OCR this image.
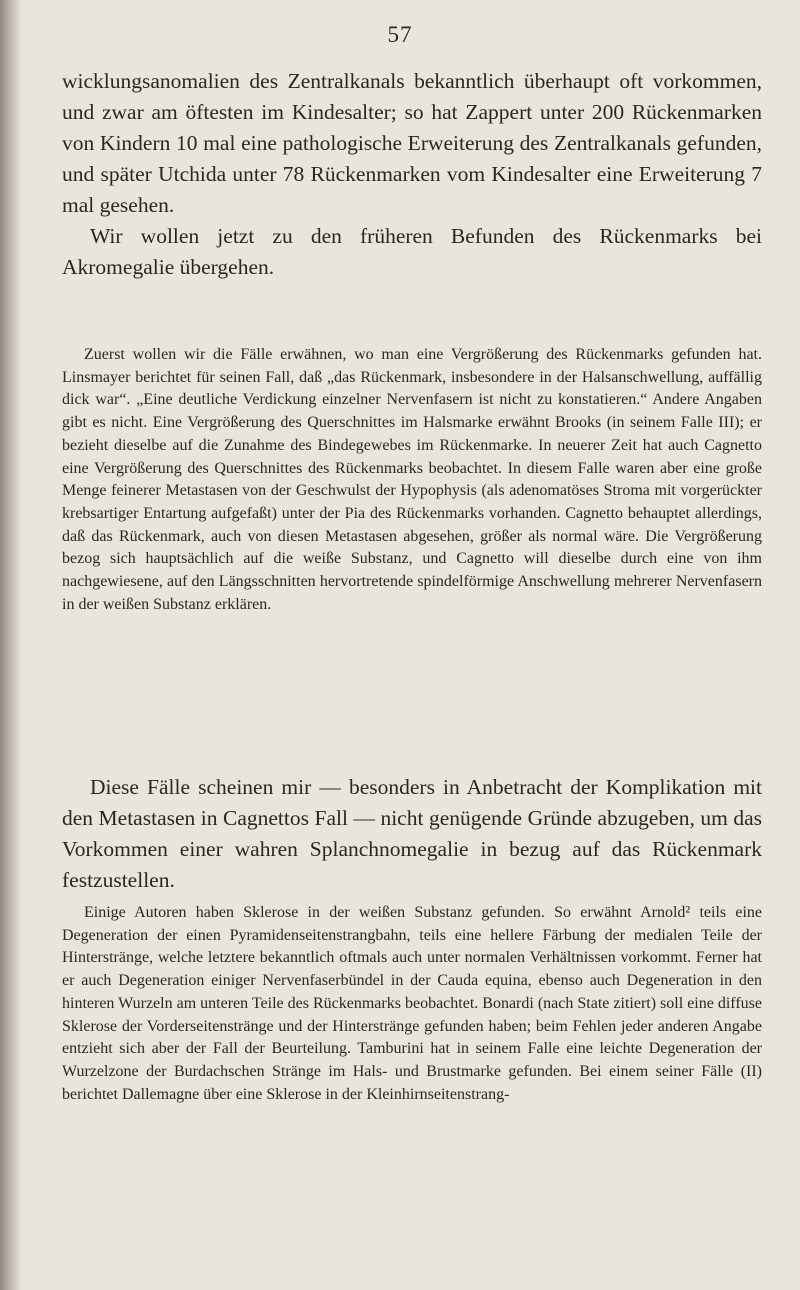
57

wicklungsanomalien des Zentralkanals bekanntlich überhaupt oft vorkommen, und zwar am öftesten im Kindesalter; so hat Zappert unter 200 Rückenmarken von Kindern 10 mal eine pathologische Erweiterung des Zentralkanals gefunden, und später Utchida unter 78 Rückenmarken vom Kindesalter eine Erweiterung 7 mal gesehen.

Wir wollen jetzt zu den früheren Befunden des Rückenmarks bei Akromegalie übergehen.

Zuerst wollen wir die Fälle erwähnen, wo man eine Vergrößerung des Rückenmarks gefunden hat. Linsmayer berichtet für seinen Fall, daß „das Rückenmark, insbesondere in der Halsanschwellung, auffällig dick war“. „Eine deutliche Verdickung einzelner Nervenfasern ist nicht zu konstatieren.“ Andere Angaben gibt es nicht. Eine Vergrößerung des Querschnittes im Halsmarke erwähnt Brooks (in seinem Falle III); er bezieht dieselbe auf die Zunahme des Bindegewebes im Rückenmarke. In neuerer Zeit hat auch Cagnetto eine Vergrößerung des Querschnittes des Rückenmarks beobachtet. In diesem Falle waren aber eine große Menge feinerer Metastasen von der Geschwulst der Hypophysis (als adenomatöses Stroma mit vorgerückter krebsartiger Entartung aufgefaßt) unter der Pia des Rückenmarks vorhanden. Cagnetto behauptet allerdings, daß das Rückenmark, auch von diesen Metastasen abgesehen, größer als normal wäre. Die Vergrößerung bezog sich hauptsächlich auf die weiße Substanz, und Cagnetto will dieselbe durch eine von ihm nachgewiesene, auf den Längsschnitten hervortretende spindelförmige Anschwellung mehrerer Nervenfasern in der weißen Substanz erklären.

Diese Fälle scheinen mir — besonders in Anbetracht der Komplikation mit den Metastasen in Cagnettos Fall — nicht genügende Gründe abzugeben, um das Vorkommen einer wahren Splanchnomegalie in bezug auf das Rückenmark festzustellen.

Einige Autoren haben Sklerose in der weißen Substanz gefunden. So erwähnt Arnold² teils eine Degeneration der einen Pyramidenseitenstrangbahn, teils eine hellere Färbung der medialen Teile der Hinterstränge, welche letztere bekanntlich oftmals auch unter normalen Verhältnissen vorkommt. Ferner hat er auch Degeneration einiger Nervenfaserbündel in der Cauda equina, ebenso auch Degeneration in den hinteren Wurzeln am unteren Teile des Rückenmarks beobachtet. Bonardi (nach State zitiert) soll eine diffuse Sklerose der Vorderseitenstränge und der Hinterstränge gefunden haben; beim Fehlen jeder anderen Angabe entzieht sich aber der Fall der Beurteilung. Tamburini hat in seinem Falle eine leichte Degeneration der Wurzelzone der Burdachschen Stränge im Hals- und Brustmarke gefunden. Bei einem seiner Fälle (II) berichtet Dallemagne über eine Sklerose in der Kleinhirnseitenstrang-
